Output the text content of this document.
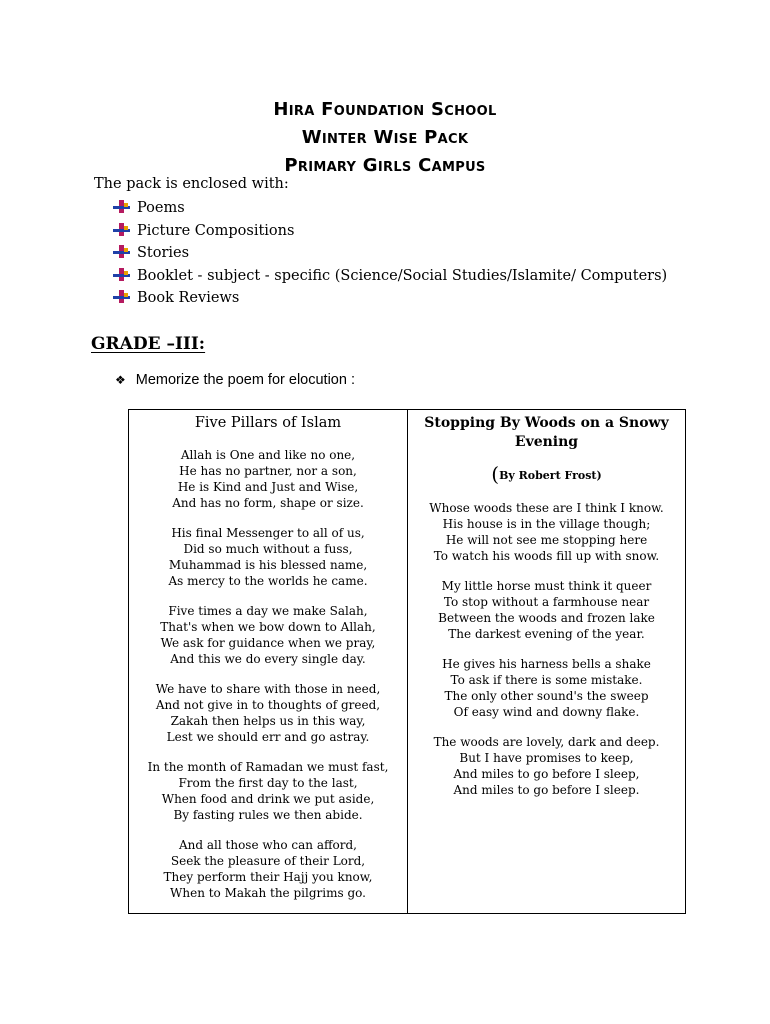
Hira Foundation School
Winter Wise Pack
Primary Girls Campus
The pack is enclosed with:
Poems
Picture Compositions
Stories
Booklet - subject - specific (Science/Social Studies/Islamite/ Computers)
Book Reviews
GRADE –III:
❖ Memorize the poem for elocution :
Five Pillars of Islam
Allah is One and like no one,
He has no partner, nor a son,
He is Kind and Just and Wise,
And has no form, shape or size.
His final Messenger to all of us,
Did so much without a fuss,
Muhammad is his blessed name,
As mercy to the worlds he came.
Five times a day we make Salah,
That's when we bow down to Allah,
We ask for guidance when we pray,
And this we do every single day.
We have to share with those in need,
And not give in to thoughts of greed,
Zakah then helps us in this way,
Lest we should err and go astray.
In the month of Ramadan we must fast,
From the first day to the last,
When food and drink we put aside,
By fasting rules we then abide.
And all those who can afford,
Seek the pleasure of their Lord,
They perform their Hajj you know,
When to Makah the pilgrims go.
Stopping By Woods on a Snowy Evening
(By Robert Frost)
Whose woods these are I think I know.
His house is in the village though;
He will not see me stopping here
To watch his woods fill up with snow.
My little horse must think it queer
To stop without a farmhouse near
Between the woods and frozen lake
The darkest evening of the year.
He gives his harness bells a shake
To ask if there is some mistake.
The only other sound's the sweep
Of easy wind and downy flake.
The woods are lovely, dark and deep.
But I have promises to keep,
And miles to go before I sleep,
And miles to go before I sleep.
